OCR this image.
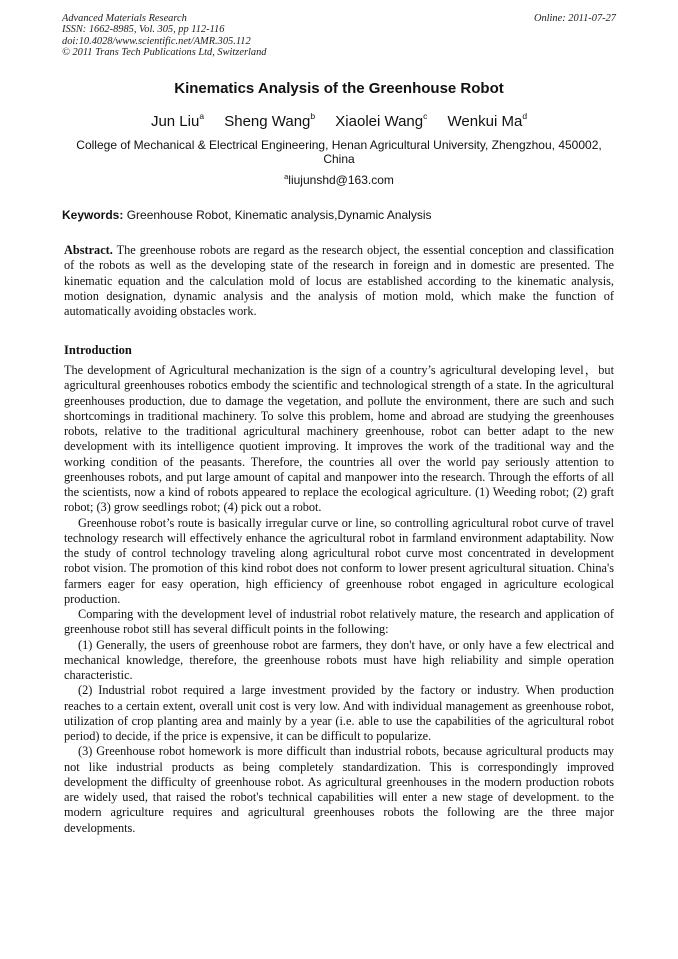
Advanced Materials Research
ISSN: 1662-8985, Vol. 305, pp 112-116
doi:10.4028/www.scientific.net/AMR.305.112
© 2011 Trans Tech Publications Ltd, Switzerland
Online: 2011-07-27
Kinematics Analysis of the Greenhouse Robot
Jun Liu$^a$ Sheng Wang$^b$ Xiaolei Wang$^c$ Wenkui Ma$^d$
College of Mechanical & Electrical Engineering, Henan Agricultural University, Zhengzhou, 450002, China
$^a$liujunshd@163.com
Keywords: Greenhouse Robot, Kinematic analysis,Dynamic Analysis
Abstract. The greenhouse robots are regard as the research object, the essential conception and classification of the robots as well as the developing state of the research in foreign and in domestic are presented. The kinematic equation and the calculation mold of locus are established according to the kinematic analysis, motion designation, dynamic analysis and the analysis of motion mold, which make the function of automatically avoiding obstacles work.
Introduction

The development of Agricultural mechanization is the sign of a country’s agricultural developing level，but agricultural greenhouses robotics embody the scientific and technological strength of a state. In the agricultural greenhouses production, due to damage the vegetation, and pollute the environment, there are such and such shortcomings in traditional machinery. To solve this problem, home and abroad are studying the greenhouses robots, relative to the traditional agricultural machinery greenhouse, robot can better adapt to the new development with its intelligence quotient improving. It improves the work of the traditional way and the working condition of the peasants. Therefore, the countries all over the world pay seriously attention to greenhouses robots, and put large amount of capital and manpower into the research. Through the efforts of all the scientists, now a kind of robots appeared to replace the ecological agriculture. (1) Weeding robot; (2) graft robot; (3) grow seedlings robot; (4) pick out a robot.

Greenhouse robot’s route is basically irregular curve or line, so controlling agricultural robot curve of travel technology research will effectively enhance the agricultural robot in farmland environment adaptability. Now the study of control technology traveling along agricultural robot curve most concentrated in development robot vision. The promotion of this kind robot does not conform to lower present agricultural situation. China's farmers eager for easy operation, high efficiency of greenhouse robot engaged in agriculture ecological production.

Comparing with the development level of industrial robot relatively mature, the research and application of greenhouse robot still has several difficult points in the following:

(1) Generally, the users of greenhouse robot are farmers, they don't have, or only have a few electrical and mechanical knowledge, therefore, the greenhouse robots must have high reliability and simple operation characteristic.

(2) Industrial robot required a large investment provided by the factory or industry. When production reaches to a certain extent, overall unit cost is very low. And with individual management as greenhouse robot, utilization of crop planting area and mainly by a year (i.e. able to use the capabilities of the agricultural robot period) to decide, if the price is expensive, it can be difficult to popularize.

(3) Greenhouse robot homework is more difficult than industrial robots, because agricultural products may not like industrial products as being completely standardization. This is correspondingly improved development the difficulty of greenhouse robot. As agricultural greenhouses in the modern production robots are widely used, that raised the robot's technical capabilities will enter a new stage of development. to the modern agriculture requires and agricultural greenhouses robots the following are the three major developments.
